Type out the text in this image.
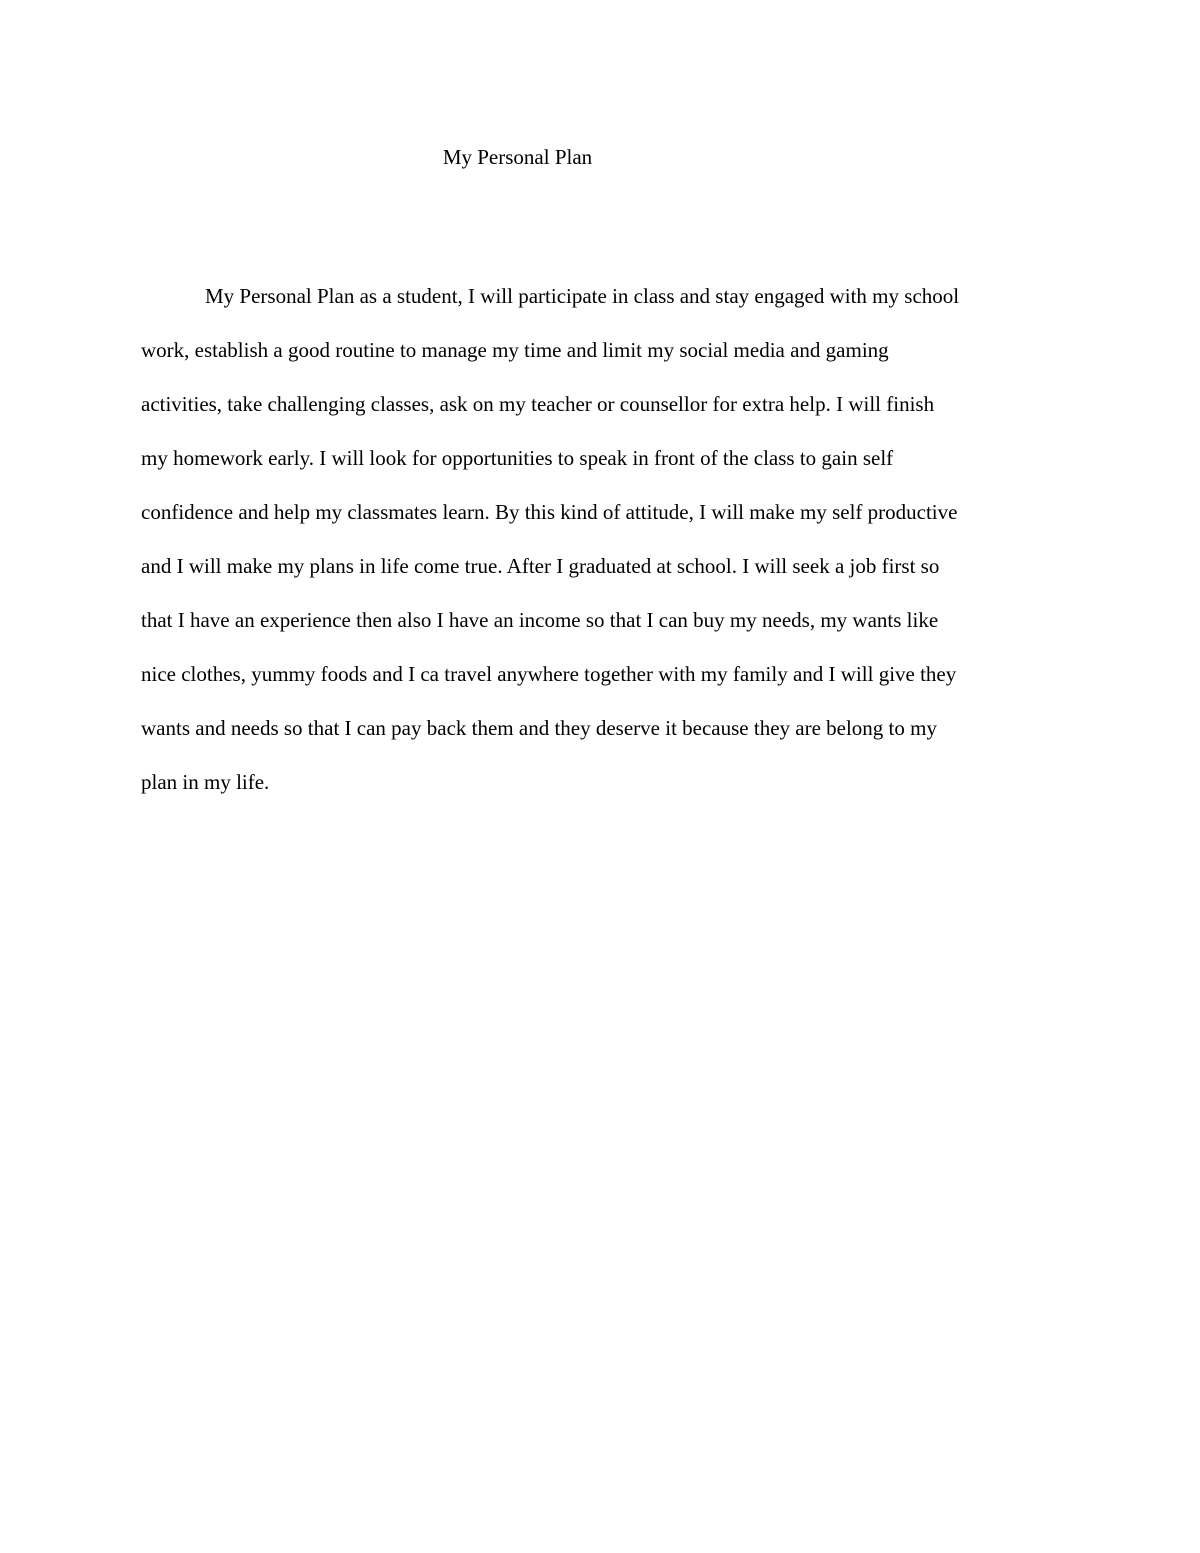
My Personal Plan

My Personal Plan as a student, I will participate in class and stay engaged with my school

work, establish a good routine to manage my time and limit my social media and gaming

activities, take challenging classes, ask on my teacher or counsellor for extra help. I will finish

my homework early. I will look for opportunities to speak in front of the class to gain self

confidence and help my classmates learn. By this kind of attitude, I will make my self productive

and I will make my plans in life come true. After I graduated at school. I will seek a job first so

that I have an experience then also I have an income so that I can buy my needs, my wants like

nice clothes, yummy foods and I ca travel anywhere together with my family and I will give they

wants and needs so that I can pay back them and they deserve it because they are belong to my

plan in my life.
